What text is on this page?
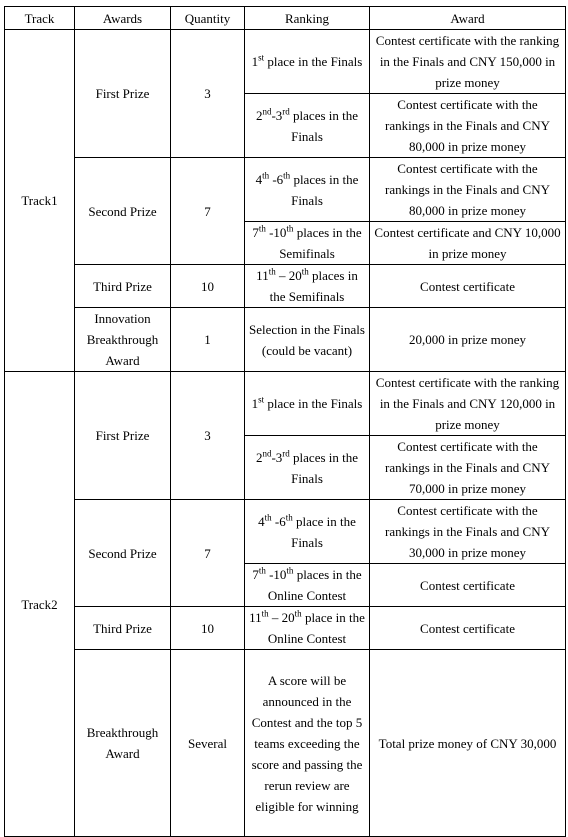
Track	Awards	Quantity	Ranking	Award
Track1	First Prize	3	1st place in the Finals	Contest certificate with the ranking in the Finals and CNY 150,000 in prize money
			2nd-3rd places in the Finals	Contest certificate with the rankings in the Finals and CNY 80,000 in prize money
	Second Prize	7	4th -6th places in the Finals	Contest certificate with the rankings in the Finals and CNY 80,000 in prize money
			7th -10th places in the Semifinals	Contest certificate and CNY 10,000 in prize money
	Third Prize	10	11th – 20th places in the Semifinals	Contest certificate
	Innovation Breakthrough Award	1	Selection in the Finals (could be vacant)	20,000 in prize money
Track2	First Prize	3	1st place in the Finals	Contest certificate with the ranking in the Finals and CNY 120,000 in prize money
			2nd-3rd places in the Finals	Contest certificate with the rankings in the Finals and CNY 70,000 in prize money
	Second Prize	7	4th -6th place in the Finals	Contest certificate with the rankings in the Finals and CNY 30,000 in prize money
			7th -10th places in the Online Contest	Contest certificate
	Third Prize	10	11th – 20th place in the Online Contest	Contest certificate
	Breakthrough Award	Several	A score will be announced in the Contest and the top 5 teams exceeding the score and passing the rerun review are eligible for winning	Total prize money of CNY 30,000
